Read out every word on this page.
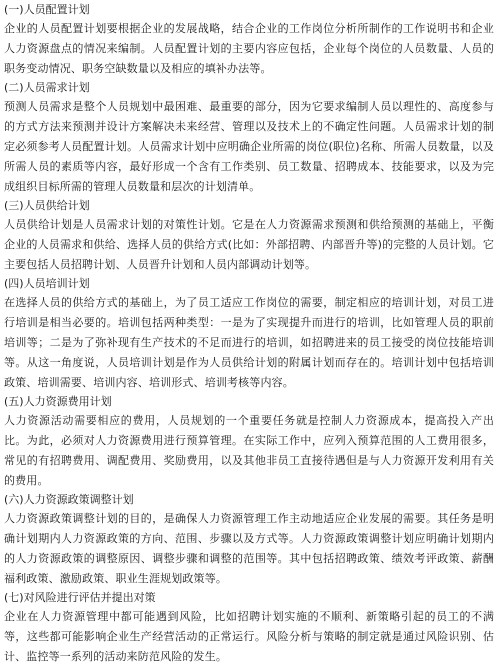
(一)人员配置计划
企业的人员配置计划要根据企业的发展战略，结合企业的工作岗位分析所制作的工作说明书和企业人力资源盘点的情况来编制。人员配置计划的主要内容应包括，企业每个岗位的人员数量、人员的职务变动情况、职务空缺数量以及相应的填补办法等。
(二)人员需求计划
预测人员需求是整个人员规划中最困难、最重要的部分，因为它要求编制人员以理性的、高度参与的方式方法来预测并设计方案解决未来经营、管理以及技术上的不确定性问题。人员需求计划的制定必须参考人员配置计划。人员需求计划中应明确企业所需的岗位(职位)名称、所需人员数量，以及所需人员的素质等内容，最好形成一个含有工作类别、员工数量、招聘成本、技能要求，以及为完成组织目标所需的管理人员数量和层次的计划清单。
(三)人员供给计划
人员供给计划是人员需求计划的对策性计划。它是在人力资源需求预测和供给预测的基础上，平衡企业的人员需求和供给、选择人员的供给方式(比如：外部招聘、内部晋升等)的完整的人员计划。它主要包括人员招聘计划、人员晋升计划和人员内部调动计划等。
(四)人员培训计划
在选择人员的供给方式的基础上，为了员工适应工作岗位的需要，制定相应的培训计划，对员工进行培训是相当必要的。培训包括两种类型：一是为了实现提升而进行的培训，比如管理人员的职前培训等；二是为了弥补现有生产技术的不足而进行的培训，如招聘进来的员工接受的岗位技能培训等。从这一角度说，人员培训计划是作为人员供给计划的附属计划而存在的。培训计划中包括培训政策、培训需要、培训内容、培训形式、培训考核等内容。
(五)人力资源费用计划
人力资源活动需要相应的费用，人员规划的一个重要任务就是控制人力资源成本，提高投入产出比。为此，必须对人力资源费用进行预算管理。在实际工作中，应列入预算范围的人工费用很多，常见的有招聘费用、调配费用、奖励费用，以及其他非员工直接待遇但是与人力资源开发利用有关的费用。
(六)人力资源政策调整计划
人力资源政策调整计划的目的，是确保人力资源管理工作主动地适应企业发展的需要。其任务是明确计划期内人力资源政策的方向、范围、步骤以及方式等。人力资源政策调整计划应明确计划期内的人力资源政策的调整原因、调整步骤和调整的范围等。其中包括招聘政策、绩效考评政策、薪酬福利政策、激励政策、职业生涯规划政策等。
(七)对风险进行评估并提出对策
企业在人力资源管理中都可能遇到风险，比如招聘计划实施的不顺利、新策略引起的员工的不满等，这些都可能影响企业生产经营活动的正常运行。风险分析与策略的制定就是通过风险识别、估计、监控等一系列的活动来防范风险的发生。
